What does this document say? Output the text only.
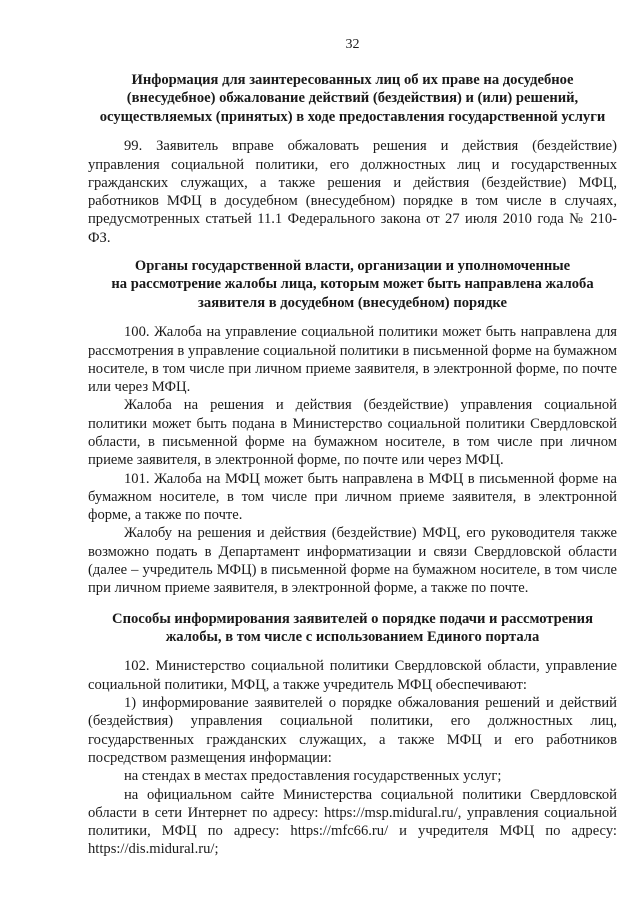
32
Информация для заинтересованных лиц об их праве на досудебное
(внесудебное) обжалование действий (бездействия) и (или) решений,
осуществляемых (принятых) в ходе предоставления государственной услуги

99. Заявитель вправе обжаловать решения и действия (бездействие) управления социальной политики, его должностных лиц и государственных гражданских служащих, а также решения и действия (бездействие) МФЦ, работников МФЦ в досудебном (внесудебном) порядке в том числе в случаях, предусмотренных статьей 11.1 Федерального закона от 27 июля 2010 года № 210-ФЗ.

Органы государственной власти, организации и уполномоченные
на рассмотрение жалобы лица, которым может быть направлена жалоба
заявителя в досудебном (внесудебном) порядке

100. Жалоба на управление социальной политики может быть направлена для рассмотрения в управление социальной политики в письменной форме на бумажном носителе, в том числе при личном приеме заявителя, в электронной форме, по почте или через МФЦ.

Жалоба на решения и действия (бездействие) управления социальной политики может быть подана в Министерство социальной политики Свердловской области, в письменной форме на бумажном носителе, в том числе при личном приеме заявителя, в электронной форме, по почте или через МФЦ.

101. Жалоба на МФЦ может быть направлена в МФЦ в письменной форме на бумажном носителе, в том числе при личном приеме заявителя, в электронной форме, а также по почте.

Жалобу на решения и действия (бездействие) МФЦ, его руководителя также возможно подать в Департамент информатизации и связи Свердловской области (далее – учредитель МФЦ) в письменной форме на бумажном носителе, в том числе при личном приеме заявителя, в электронной форме, а также по почте.

Способы информирования заявителей о порядке подачи и рассмотрения
жалобы, в том числе с использованием Единого портала

102. Министерство социальной политики Свердловской области, управление социальной политики, МФЦ, а также учредитель МФЦ обеспечивают:

1) информирование заявителей о порядке обжалования решений и действий (бездействия) управления социальной политики, его должностных лиц, государственных гражданских служащих, а также МФЦ и его работников посредством размещения информации:

на стендах в местах предоставления государственных услуг;

на официальном сайте Министерства социальной политики Свердловской области в сети Интернет по адресу: https://msp.midural.ru/, управления социальной политики, МФЦ по адресу: https://mfc66.ru/ и учредителя МФЦ по адресу: https://dis.midural.ru/;
